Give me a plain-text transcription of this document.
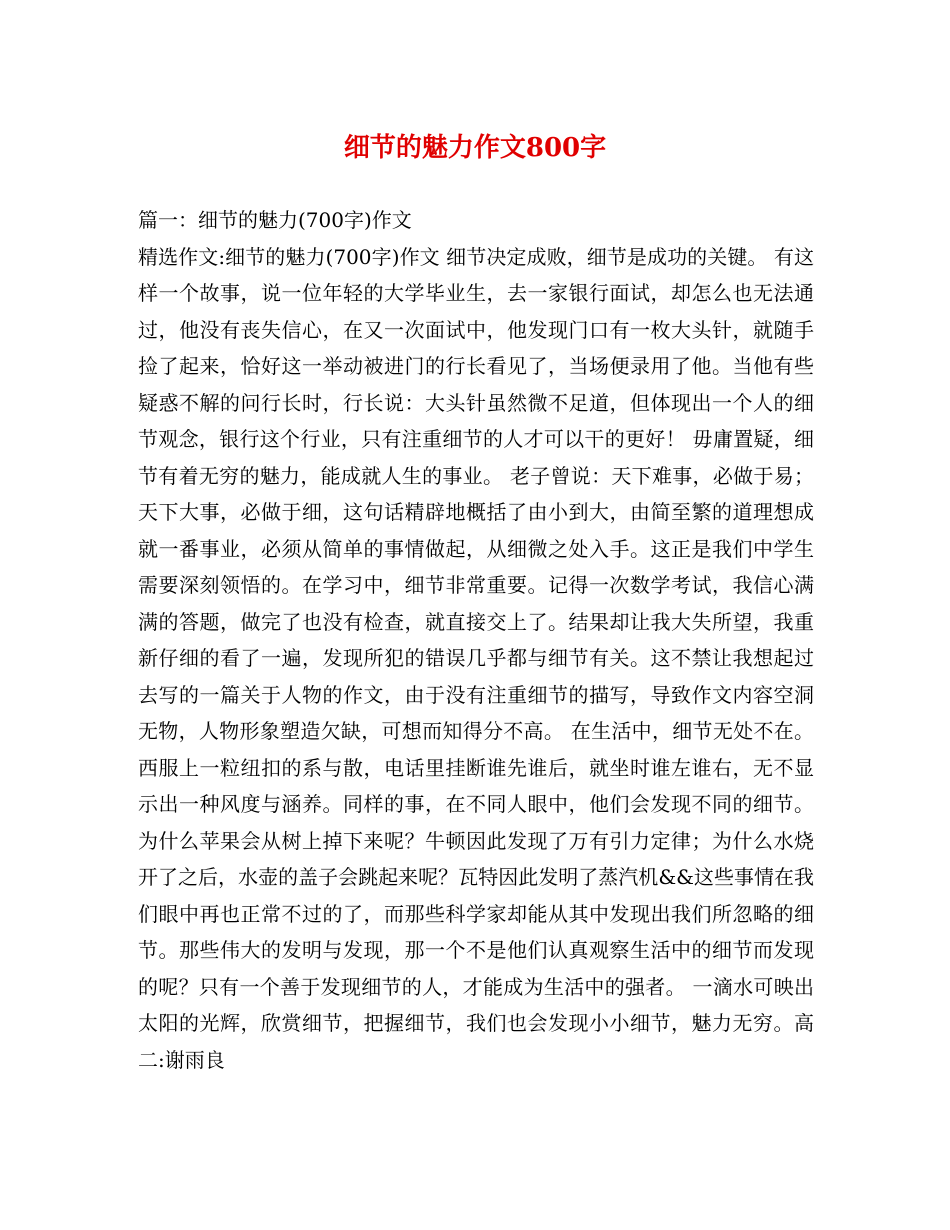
细节的魅力作文800字

篇一：细节的魅力(700字)作文

精选作文:细节的魅力(700字)作文 细节决定成败，细节是成功的关键。 有这样一个故事，说一位年轻的大学毕业生，去一家银行面试，却怎么也无法通过，他没有丧失信心，在又一次面试中，他发现门口有一枚大头针，就随手捡了起来，恰好这一举动被进门的行长看见了，当场便录用了他。当他有些疑惑不解的问行长时，行长说：大头针虽然微不足道，但体现出一个人的细节观念，银行这个行业，只有注重细节的人才可以干的更好！ 毋庸置疑，细节有着无穷的魅力，能成就人生的事业。 老子曾说：天下难事，必做于易；天下大事，必做于细，这句话精辟地概括了由小到大，由简至繁的道理想成就一番事业，必须从简单的事情做起，从细微之处入手。这正是我们中学生需要深刻领悟的。在学习中，细节非常重要。记得一次数学考试，我信心满满的答题，做完了也没有检查，就直接交上了。结果却让我大失所望，我重新仔细的看了一遍，发现所犯的错误几乎都与细节有关。这不禁让我想起过去写的一篇关于人物的作文，由于没有注重细节的描写，导致作文内容空洞无物，人物形象塑造欠缺，可想而知得分不高。 在生活中，细节无处不在。西服上一粒纽扣的系与散，电话里挂断谁先谁后，就坐时谁左谁右，无不显示出一种风度与涵养。同样的事，在不同人眼中，他们会发现不同的细节。为什么苹果会从树上掉下来呢？牛顿因此发现了万有引力定律；为什么水烧开了之后，水壶的盖子会跳起来呢？瓦特因此发明了蒸汽机&&这些事情在我们眼中再也正常不过的了，而那些科学家却能从其中发现出我们所忽略的细节。那些伟大的发明与发现，那一个不是他们认真观察生活中的细节而发现的呢？只有一个善于发现细节的人，才能成为生活中的强者。 一滴水可映出太阳的光辉，欣赏细节，把握细节，我们也会发现小小细节，魅力无穷。高二:谢雨良
